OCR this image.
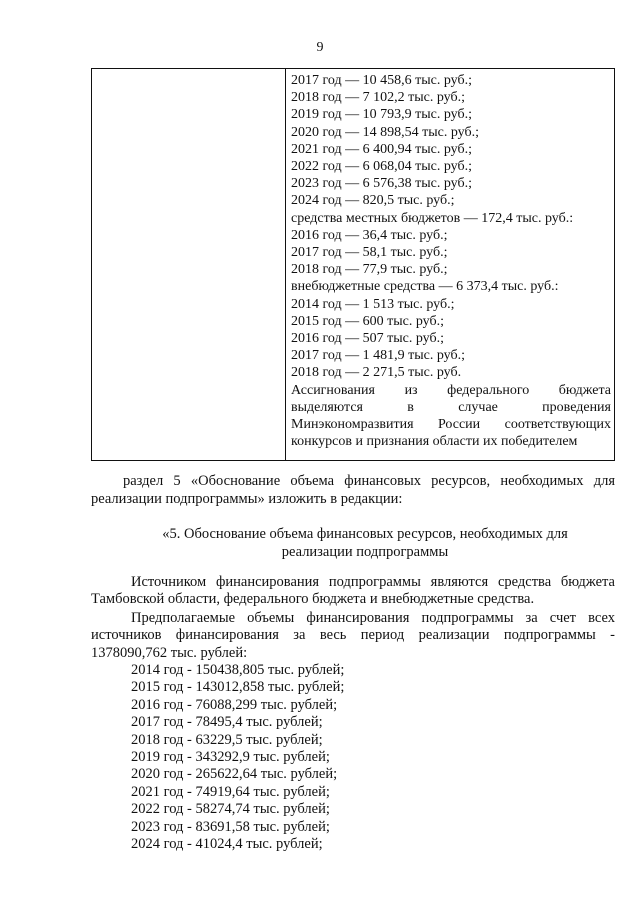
9
2017 год — 10 458,6 тыс. руб.;
2018 год — 7 102,2 тыс. руб.;
2019 год — 10 793,9 тыс. руб.;
2020 год — 14 898,54 тыс. руб.;
2021 год — 6 400,94 тыс. руб.;
2022 год — 6 068,04 тыс. руб.;
2023 год — 6 576,38 тыс. руб.;
2024 год — 820,5 тыс. руб.;
средства местных бюджетов — 172,4 тыс. руб.:
2016 год — 36,4 тыс. руб.;
2017 год — 58,1 тыс. руб.;
2018 год — 77,9 тыс. руб.;
внебюджетные средства — 6 373,4 тыс. руб.:
2014 год — 1 513 тыс. руб.;
2015 год — 600 тыс. руб.;
2016 год — 507 тыс. руб.;
2017 год — 1 481,9 тыс. руб.;
2018 год — 2 271,5 тыс. руб.
Ассигнования из федерального бюджета
выделяются в случае проведения
Минэкономразвития России соответствующих
конкурсов и признания области их победителем
раздел 5 «Обоснование объема финансовых ресурсов, необходимых для реализации подпрограммы» изложить в редакции:
«5. Обоснование объема финансовых ресурсов, необходимых для реализации подпрограммы
Источником финансирования подпрограммы являются средства бюджета Тамбовской области, федерального бюджета и внебюджетные средства.
Предполагаемые объемы финансирования подпрограммы за счет всех источников финансирования за весь период реализации подпрограммы - 1378090,762 тыс. рублей:
2014 год - 150438,805 тыс. рублей;
2015 год - 143012,858 тыс. рублей;
2016 год - 76088,299 тыс. рублей;
2017 год - 78495,4 тыс. рублей;
2018 год - 63229,5 тыс. рублей;
2019 год - 343292,9 тыс. рублей;
2020 год - 265622,64 тыс. рублей;
2021 год - 74919,64 тыс. рублей;
2022 год - 58274,74 тыс. рублей;
2023 год - 83691,58 тыс. рублей;
2024 год - 41024,4 тыс. рублей;
